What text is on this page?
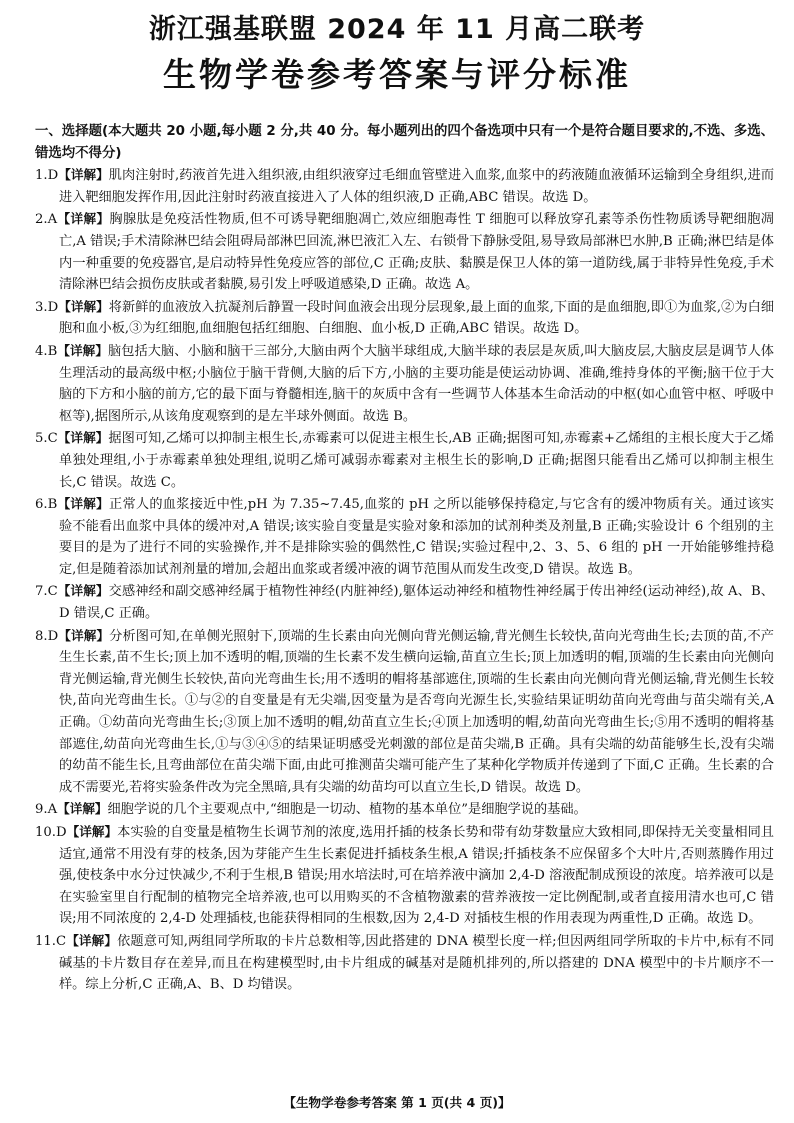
浙江强基联盟 2024 年 11 月高二联考
生物学卷参考答案与评分标准
一、选择题(本大题共 20 小题,每小题 2 分,共 40 分。每小题列出的四个备选项中只有一个是符合题目要求的,不选、多选、错选均不得分)

1.D【详解】肌肉注射时,药液首先进入组织液,由组织液穿过毛细血管壁进入血浆,血浆中的药液随血液循环运输到全身组织,进而进入靶细胞发挥作用,因此注射时药液直接进入了人体的组织液,D 正确,ABC 错误。故选 D。

2.A【详解】胸腺肽是免疫活性物质,但不可诱导靶细胞凋亡,效应细胞毒性 T 细胞可以释放穿孔素等杀伤性物质诱导靶细胞凋亡,A 错误;手术清除淋巴结会阻碍局部淋巴回流,淋巴液汇入左、右锁骨下静脉受阻,易导致局部淋巴水肿,B 正确;淋巴结是体内一种重要的免疫器官,是启动特异性免疫应答的部位,C 正确;皮肤、黏膜是保卫人体的第一道防线,属于非特异性免疫,手术清除淋巴结会损伤皮肤或者黏膜,易引发上呼吸道感染,D 正确。故选 A。

3.D【详解】将新鲜的血液放入抗凝剂后静置一段时间血液会出现分层现象,最上面的血浆,下面的是血细胞,即①为血浆,②为白细胞和血小板,③为红细胞,血细胞包括红细胞、白细胞、血小板,D 正确,ABC 错误。故选 D。

4.B【详解】脑包括大脑、小脑和脑干三部分,大脑由两个大脑半球组成,大脑半球的表层是灰质,叫大脑皮层,大脑皮层是调节人体生理活动的最高级中枢;小脑位于脑干背侧,大脑的后下方,小脑的主要功能是使运动协调、准确,维持身体的平衡;脑干位于大脑的下方和小脑的前方,它的最下面与脊髓相连,脑干的灰质中含有一些调节人体基本生命活动的中枢(如心血管中枢、呼吸中枢等),据图所示,从该角度观察到的是左半球外侧面。故选 B。

5.C【详解】据图可知,乙烯可以抑制主根生长,赤霉素可以促进主根生长,AB 正确;据图可知,赤霉素+乙烯组的主根长度大于乙烯单独处理组,小于赤霉素单独处理组,说明乙烯可减弱赤霉素对主根生长的影响,D 正确;据图只能看出乙烯可以抑制主根生长,C 错误。故选 C。

6.B【详解】正常人的血浆接近中性,pH 为 7.35~7.45,血浆的 pH 之所以能够保持稳定,与它含有的缓冲物质有关。通过该实验不能看出血浆中具体的缓冲对,A 错误;该实验自变量是实验对象和添加的试剂种类及剂量,B 正确;实验设计 6 个组别的主要目的是为了进行不同的实验操作,并不是排除实验的偶然性,C 错误;实验过程中,2、3、5、6 组的 pH 一开始能够维持稳定,但是随着添加试剂剂量的增加,会超出血浆或者缓冲液的调节范围从而发生改变,D 错误。故选 B。

7.C【详解】交感神经和副交感神经属于植物性神经(内脏神经),躯体运动神经和植物性神经属于传出神经(运动神经),故 A、B、D 错误,C 正确。

8.D【详解】分析图可知,在单侧光照射下,顶端的生长素由向光侧向背光侧运输,背光侧生长较快,苗向光弯曲生长;去顶的苗,不产生生长素,苗不生长;顶上加不透明的帽,顶端的生长素不发生横向运输,苗直立生长;顶上加透明的帽,顶端的生长素由向光侧向背光侧运输,背光侧生长较快,苗向光弯曲生长;用不透明的帽将基部遮住,顶端的生长素由向光侧向背光侧运输,背光侧生长较快,苗向光弯曲生长。①与②的自变量是有无尖端,因变量为是否弯向光源生长,实验结果证明幼苗向光弯曲与苗尖端有关,A 正确。①幼苗向光弯曲生长;③顶上加不透明的帽,幼苗直立生长;④顶上加透明的帽,幼苗向光弯曲生长;⑤用不透明的帽将基部遮住,幼苗向光弯曲生长,①与③④⑤的结果证明感受光刺激的部位是苗尖端,B 正确。具有尖端的幼苗能够生长,没有尖端的幼苗不能生长,且弯曲部位在苗尖端下面,由此可推测苗尖端可能产生了某种化学物质并传递到了下面,C 正确。生长素的合成不需要光,若将实验条件改为完全黑暗,具有尖端的幼苗均可以直立生长,D 错误。故选 D。

9.A【详解】细胞学说的几个主要观点中,“细胞是一切动、植物的基本单位”是细胞学说的基础。

10.D【详解】本实验的自变量是植物生长调节剂的浓度,选用扦插的枝条长势和带有幼芽数量应大致相同,即保持无关变量相同且适宜,通常不用没有芽的枝条,因为芽能产生生长素促进扦插枝条生根,A 错误;扦插枝条不应保留多个大叶片,否则蒸腾作用过强,使枝条中水分过快减少,不利于生根,B 错误;用水培法时,可在培养液中滴加 2,4-D 溶液配制成预设的浓度。培养液可以是在实验室里自行配制的植物完全培养液,也可以用购买的不含植物激素的营养液按一定比例配制,或者直接用清水也可,C 错误;用不同浓度的 2,4-D 处理插枝,也能获得相同的生根数,因为 2,4-D 对插枝生根的作用表现为两重性,D 正确。故选 D。

11.C【详解】依题意可知,两组同学所取的卡片总数相等,因此搭建的 DNA 模型长度一样;但因两组同学所取的卡片中,标有不同碱基的卡片数目存在差异,而且在构建模型时,由卡片组成的碱基对是随机排列的,所以搭建的 DNA 模型中的卡片顺序不一样。综上分析,C 正确,A、B、D 均错误。

【生物学卷参考答案 第 1 页(共 4 页)】
